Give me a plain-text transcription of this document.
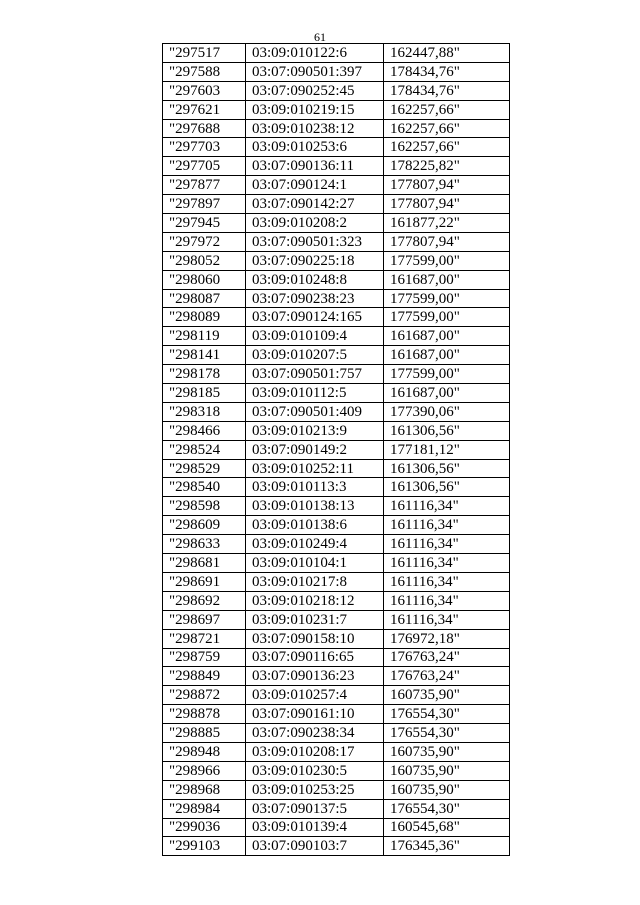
61
"297517	03:09:010122:6	162447,88"
"297588	03:07:090501:397	178434,76"
"297603	03:07:090252:45	178434,76"
"297621	03:09:010219:15	162257,66"
"297688	03:09:010238:12	162257,66"
"297703	03:09:010253:6	162257,66"
"297705	03:07:090136:11	178225,82"
"297877	03:07:090124:1	177807,94"
"297897	03:07:090142:27	177807,94"
"297945	03:09:010208:2	161877,22"
"297972	03:07:090501:323	177807,94"
"298052	03:07:090225:18	177599,00"
"298060	03:09:010248:8	161687,00"
"298087	03:07:090238:23	177599,00"
"298089	03:07:090124:165	177599,00"
"298119	03:09:010109:4	161687,00"
"298141	03:09:010207:5	161687,00"
"298178	03:07:090501:757	177599,00"
"298185	03:09:010112:5	161687,00"
"298318	03:07:090501:409	177390,06"
"298466	03:09:010213:9	161306,56"
"298524	03:07:090149:2	177181,12"
"298529	03:09:010252:11	161306,56"
"298540	03:09:010113:3	161306,56"
"298598	03:09:010138:13	161116,34"
"298609	03:09:010138:6	161116,34"
"298633	03:09:010249:4	161116,34"
"298681	03:09:010104:1	161116,34"
"298691	03:09:010217:8	161116,34"
"298692	03:09:010218:12	161116,34"
"298697	03:09:010231:7	161116,34"
"298721	03:07:090158:10	176972,18"
"298759	03:07:090116:65	176763,24"
"298849	03:07:090136:23	176763,24"
"298872	03:09:010257:4	160735,90"
"298878	03:07:090161:10	176554,30"
"298885	03:07:090238:34	176554,30"
"298948	03:09:010208:17	160735,90"
"298966	03:09:010230:5	160735,90"
"298968	03:09:010253:25	160735,90"
"298984	03:07:090137:5	176554,30"
"299036	03:09:010139:4	160545,68"
"299103	03:07:090103:7	176345,36"
